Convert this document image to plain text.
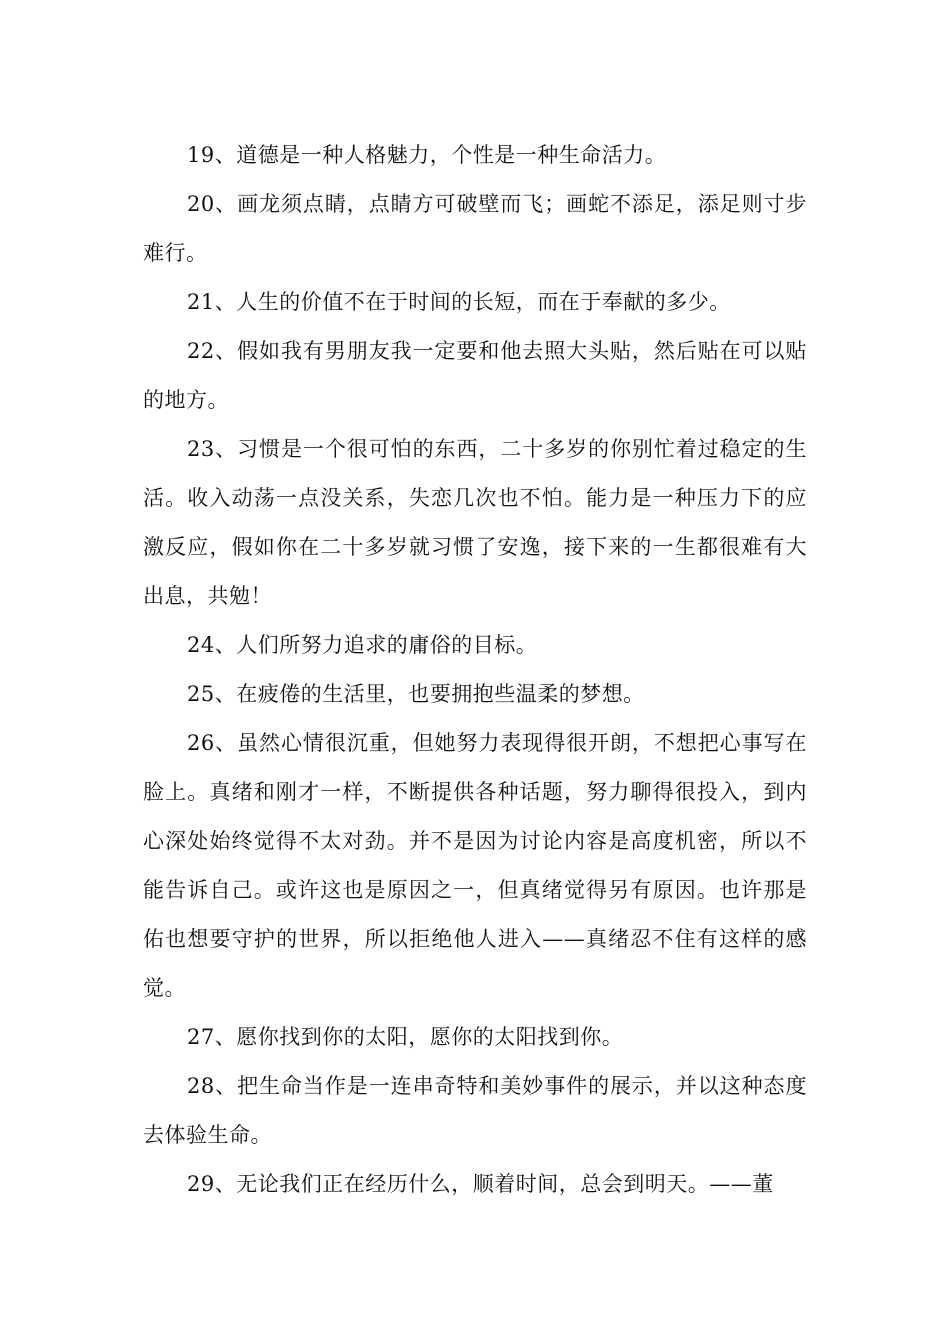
19、道德是一种人格魅力，个性是一种生命活力。

20、画龙须点睛，点睛方可破壁而飞；画蛇不添足，添足则寸步难行。

21、人生的价值不在于时间的长短，而在于奉献的多少。

22、假如我有男朋友我一定要和他去照大头贴，然后贴在可以贴的地方。

23、习惯是一个很可怕的东西，二十多岁的你别忙着过稳定的生活。收入动荡一点没关系，失恋几次也不怕。能力是一种压力下的应激反应，假如你在二十多岁就习惯了安逸，接下来的一生都很难有大出息，共勉！

24、人们所努力追求的庸俗的目标。

25、在疲倦的生活里，也要拥抱些温柔的梦想。

26、虽然心情很沉重，但她努力表现得很开朗，不想把心事写在脸上。真绪和刚才一样，不断提供各种话题，努力聊得很投入，到内心深处始终觉得不太对劲。并不是因为讨论内容是高度机密，所以不能告诉自己。或许这也是原因之一，但真绪觉得另有原因。也许那是佑也想要守护的世界，所以拒绝他人进入——真绪忍不住有这样的感觉。

27、愿你找到你的太阳，愿你的太阳找到你。

28、把生命当作是一连串奇特和美妙事件的展示，并以这种态度去体验生命。

29、无论我们正在经历什么，顺着时间，总会到明天。——董
